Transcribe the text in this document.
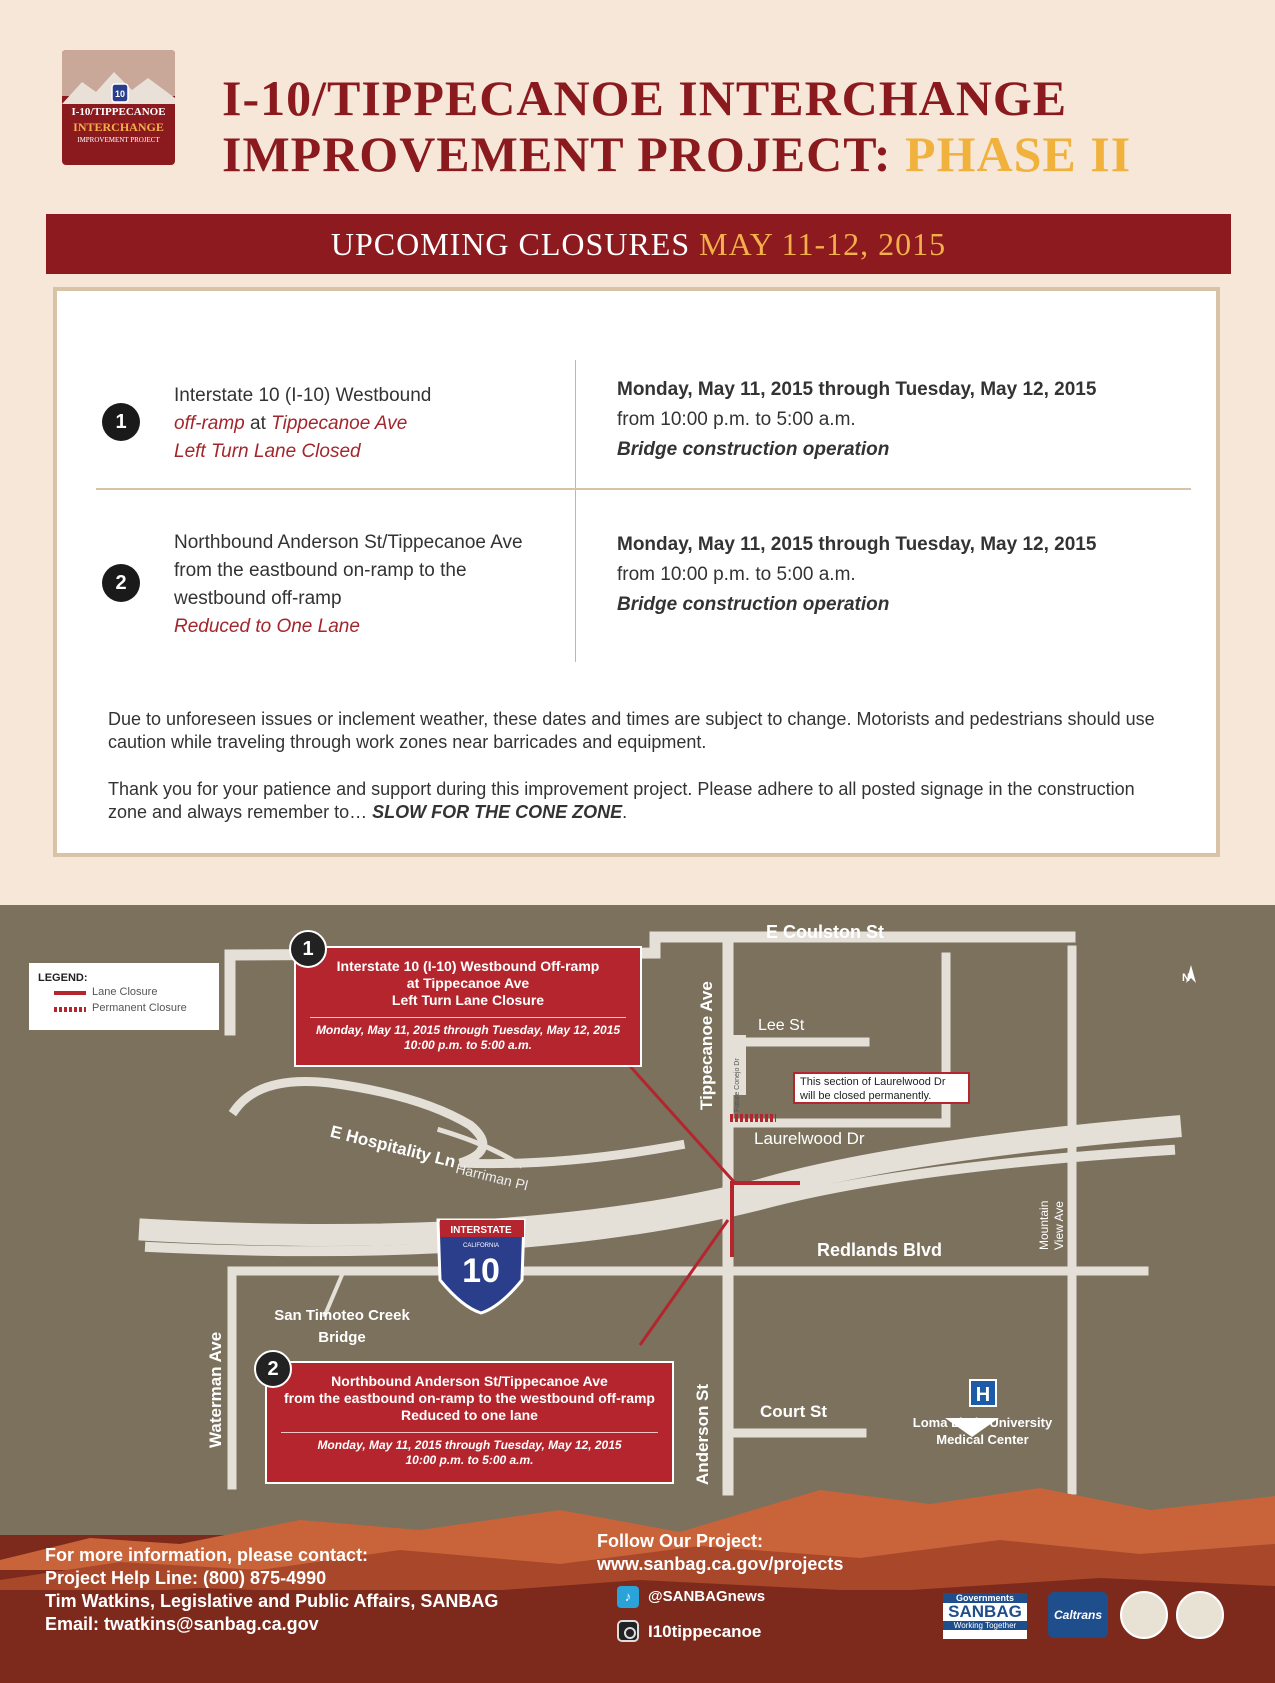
10
I-10/TIPPECANOE
INTERCHANGE
IMPROVEMENT PROJECT
I-10/TIPPECANOE INTERCHANGE
IMPROVEMENT PROJECT: PHASE II
UPCOMING CLOSURES MAY 11-12, 2015
1
Interstate 10 (I-10) Westbound
off-ramp at Tippecanoe Ave
Left Turn Lane Closed
Monday, May 11, 2015 through Tuesday, May 12, 2015
from 10:00 p.m. to 5:00 a.m.
Bridge construction operation
2
Northbound Anderson St/Tippecanoe Ave
from the eastbound on-ramp to the
westbound off-ramp
Reduced to One Lane
Monday, May 11, 2015 through Tuesday, May 12, 2015
from 10:00 p.m. to 5:00 a.m.
Bridge construction operation
Due to unforeseen issues or inclement weather, these dates and times are subject to change. Motorists and pedestrians should use caution while traveling through work zones near barricades and equipment.
Thank you for your patience and support during this improvement project. Please adhere to all posted signage in the construction zone and always remember to… SLOW FOR THE CONE ZONE.
INTERSTATE
CALIFORNIA
10
H
LEGEND:
Lane Closure
Permanent Closure
N
E Coulston St
Lee St
Laurelwood Dr
Redlands Blvd
Court St
Tippecanoe Ave
Anderson St
Waterman Ave
Mountain View Ave
Future Conejo Dr
E Hospitality Ln
Harriman Pl
San Timoteo Creek
Bridge
Loma Linda University
Medical Center
This section of Laurelwood Dr
will be closed permanently.
Interstate 10 (I-10) Westbound Off-ramp
at Tippecanoe Ave
Left Turn Lane Closure
Monday, May 11, 2015 through Tuesday, May 12, 2015
10:00 p.m. to 5:00 a.m.
1
Northbound Anderson St/Tippecanoe Ave
from the eastbound on-ramp to the westbound off-ramp
Reduced to one lane
Monday, May 11, 2015 through Tuesday, May 12, 2015
10:00 p.m. to 5:00 a.m.
2
For more information, please contact:
Project Help Line: (800) 875-4990
Tim Watkins, Legislative and Public Affairs, SANBAG
Email: twatkins@sanbag.ca.gov
Follow Our Project:
www.sanbag.ca.gov/projects
♪	@SANBAGnews
I10tippecanoe
Governments
SANBAG
Working Together
Caltrans
